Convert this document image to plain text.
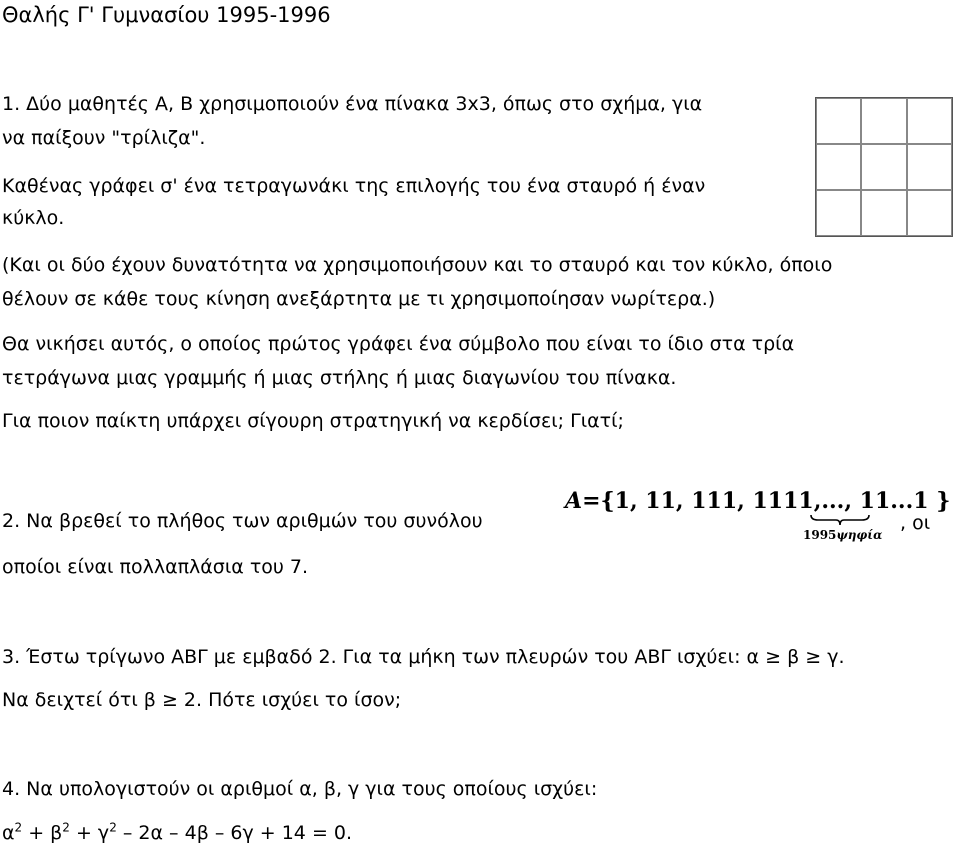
Θαλής Γ' Γυμνασίου 1995-1996
1. Δύο μαθητές Α, Β χρησιμοποιούν ένα πίνακα 3x3, όπως στο σχήμα, για
να παίξουν "τρίλιζα".
Καθένας γράφει σ' ένα τετραγωνάκι της επιλογής του ένα σταυρό ή έναν
κύκλο.
(Και οι δύο έχουν δυνατότητα να χρησιμοποιήσουν και το σταυρό και τον κύκλο, όποιο
θέλουν σε κάθε τους κίνηση ανεξάρτητα με τι χρησιμοποίησαν νωρίτερα.)
Θα νικήσει αυτός, ο οποίος πρώτος γράφει ένα σύμβολο που είναι το ίδιο στα τρία
τετράγωνα μιας γραμμής ή μιας στήλης ή μιας διαγωνίου του πίνακα.
Για ποιον παίκτη υπάρχει σίγουρη στρατηγική να κερδίσει; Γιατί;
2. Να βρεθεί το πλήθος των αριθμών του συνόλου
οποίοι είναι πολλαπλάσια του 7.
A={1, 11, 111, 1111,..., 11...1 }
1995ψηφία
, οι
3. Έστω τρίγωνο ΑΒΓ με εμβαδό 2. Για τα μήκη των πλευρών του ΑΒΓ ισχύει: α ≥ β ≥ γ.
Να δειχτεί ότι β ≥ 2. Πότε ισχύει το ίσον;
4. Να υπολογιστούν οι αριθμοί α, β, γ για τους οποίους ισχύει:
$\alpha^2 + \beta^2 + \gamma^2 - 2\alpha - 4\beta - 6\gamma + 14 = 0$.
